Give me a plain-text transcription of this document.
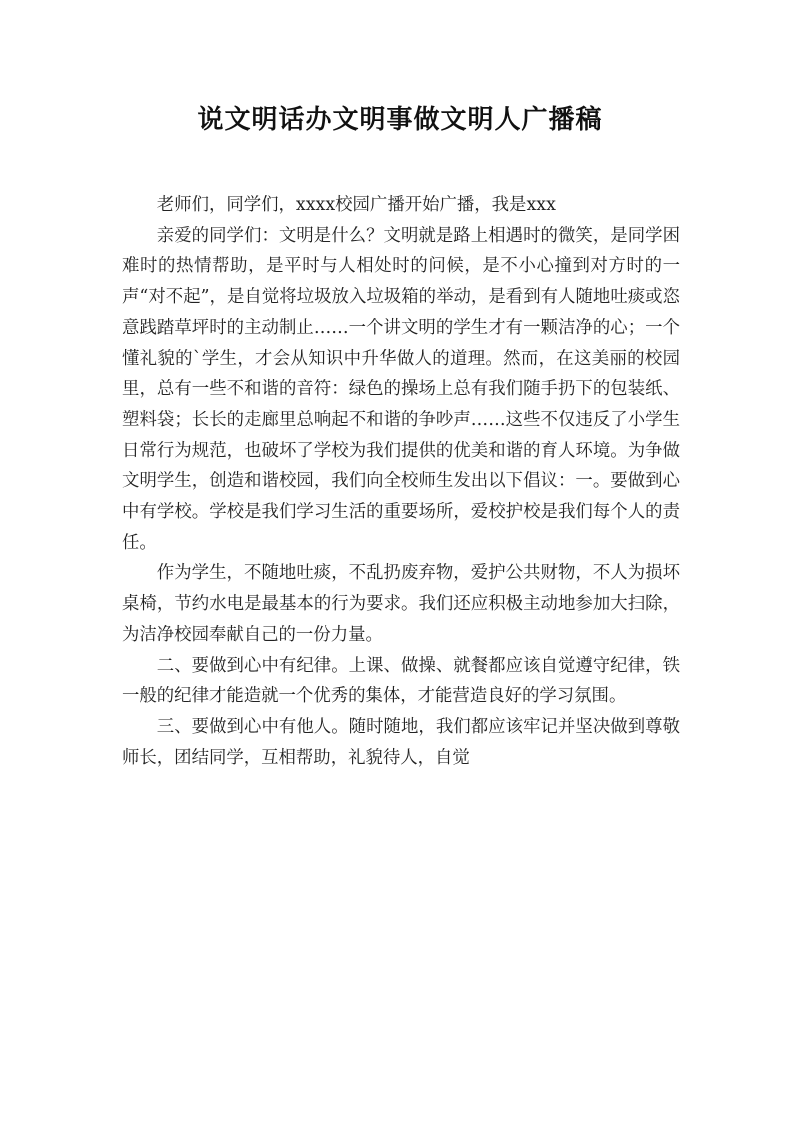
说文明话办文明事做文明人广播稿

老师们，同学们，xxxx校园广播开始广播，我是xxx

亲爱的同学们：文明是什么？文明就是路上相遇时的微笑，是同学困难时的热情帮助，是平时与人相处时的问候，是不小心撞到对方时的一声“对不起”，是自觉将垃圾放入垃圾箱的举动，是看到有人随地吐痰或恣意践踏草坪时的主动制止……一个讲文明的学生才有一颗洁净的心；一个懂礼貌的`学生，才会从知识中升华做人的道理。然而，在这美丽的校园里，总有一些不和谐的音符：绿色的操场上总有我们随手扔下的包装纸、塑料袋；长长的走廊里总响起不和谐的争吵声……这些不仅违反了小学生日常行为规范，也破坏了学校为我们提供的优美和谐的育人环境。为争做文明学生，创造和谐校园，我们向全校师生发出以下倡议：一。要做到心中有学校。学校是我们学习生活的重要场所，爱校护校是我们每个人的责任。

作为学生，不随地吐痰，不乱扔废弃物，爱护公共财物，不人为损坏桌椅，节约水电是最基本的行为要求。我们还应积极主动地参加大扫除，为洁净校园奉献自己的一份力量。

二、要做到心中有纪律。上课、做操、就餐都应该自觉遵守纪律，铁一般的纪律才能造就一个优秀的集体，才能营造良好的学习氛围。

三、要做到心中有他人。随时随地，我们都应该牢记并坚决做到尊敬师长，团结同学，互相帮助，礼貌待人，自觉
